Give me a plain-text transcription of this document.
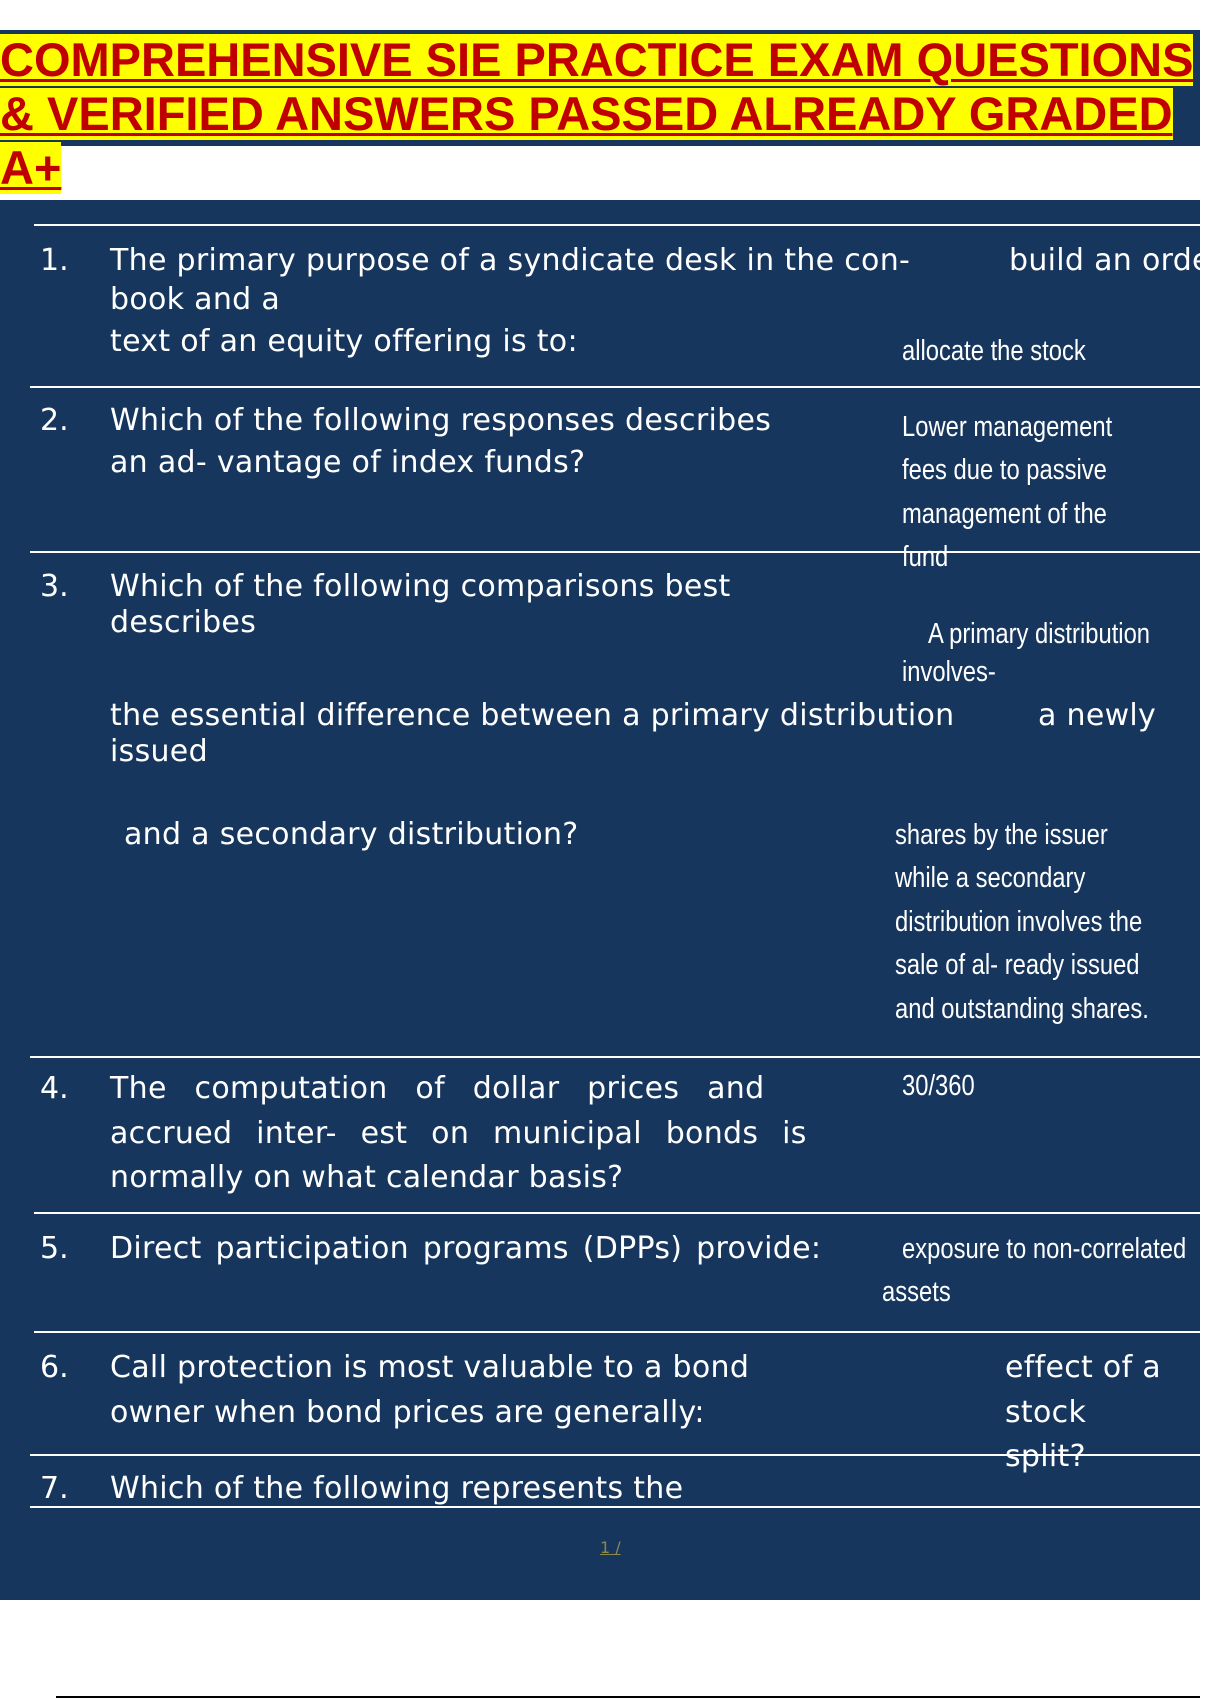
COMPREHENSIVE SIE PRACTICE EXAM QUESTIONS
& VERIFIED ANSWERS PASSED ALREADY GRADED
A+
1. The primary purpose of a syndicate desk in the con-
book and a
text of an equity offering is to:
build an order
allocate the stock
2. Which of the following responses describes
an ad- vantage of index funds?
Lower management
fees due to passive
management of the
fund
3. Which of the following comparisons best
describes
the essential difference between a primary distribution
issued
and a secondary distribution?
A primary distribution
involves-
a newly
shares by the issuer
while a secondary
distribution involves the
sale of al- ready issued
and outstanding shares.
4. The computation of dollar prices and
accrued inter- est on municipal bonds is
normally on what calendar basis?
30/360
5. Direct participation programs (DPPs) provide:	exposure to non-correlated
assets
6. Call protection is most valuable to a bond
owner when bond prices are generally:
effect of a
stock
split?
7. Which of the following represents the
1 /
